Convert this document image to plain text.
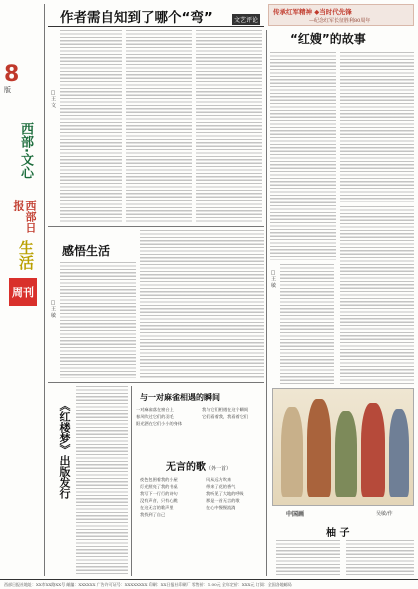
8
版
西部·文心
西部日报
生活
周刊
作者需自知到了哪个“弯”	文艺评论
□王 文
感悟生活
□王 敏
《红楼梦》出版发行
与一对麻雀相遇的瞬间
一对麻雀落在窗台上
春风吹过它们的羽毛
阳光洒在它们小小的身体
我与它们相遇在这个瞬间
它们看着我，我看着它们
无言的歌（外一首）
夜色包围着我的小屋
灯光照亮了我的书桌
我写下一行行的诗句
没有声音，只有心跳
在这无言的歌声里
我找到了自己
风从远方吹来
带来了花的香气
我听见了大地的呼吸
那是一首无言的歌
在心中慢慢流淌
传承红军精神 ◆当时代先锋
—纪念红军长征胜利80周年
“红嫂”的故事
□王 敏
中国画	吴敏/作
柚 子
西部日报社地址：XX市XX路XX号 邮编：XXXXXX 广告许可证号：XXXXXXXX 印刷：XX日报社印刷厂 零售价：1.00元 全年定价：XXX元 订阅：全国各地邮局
